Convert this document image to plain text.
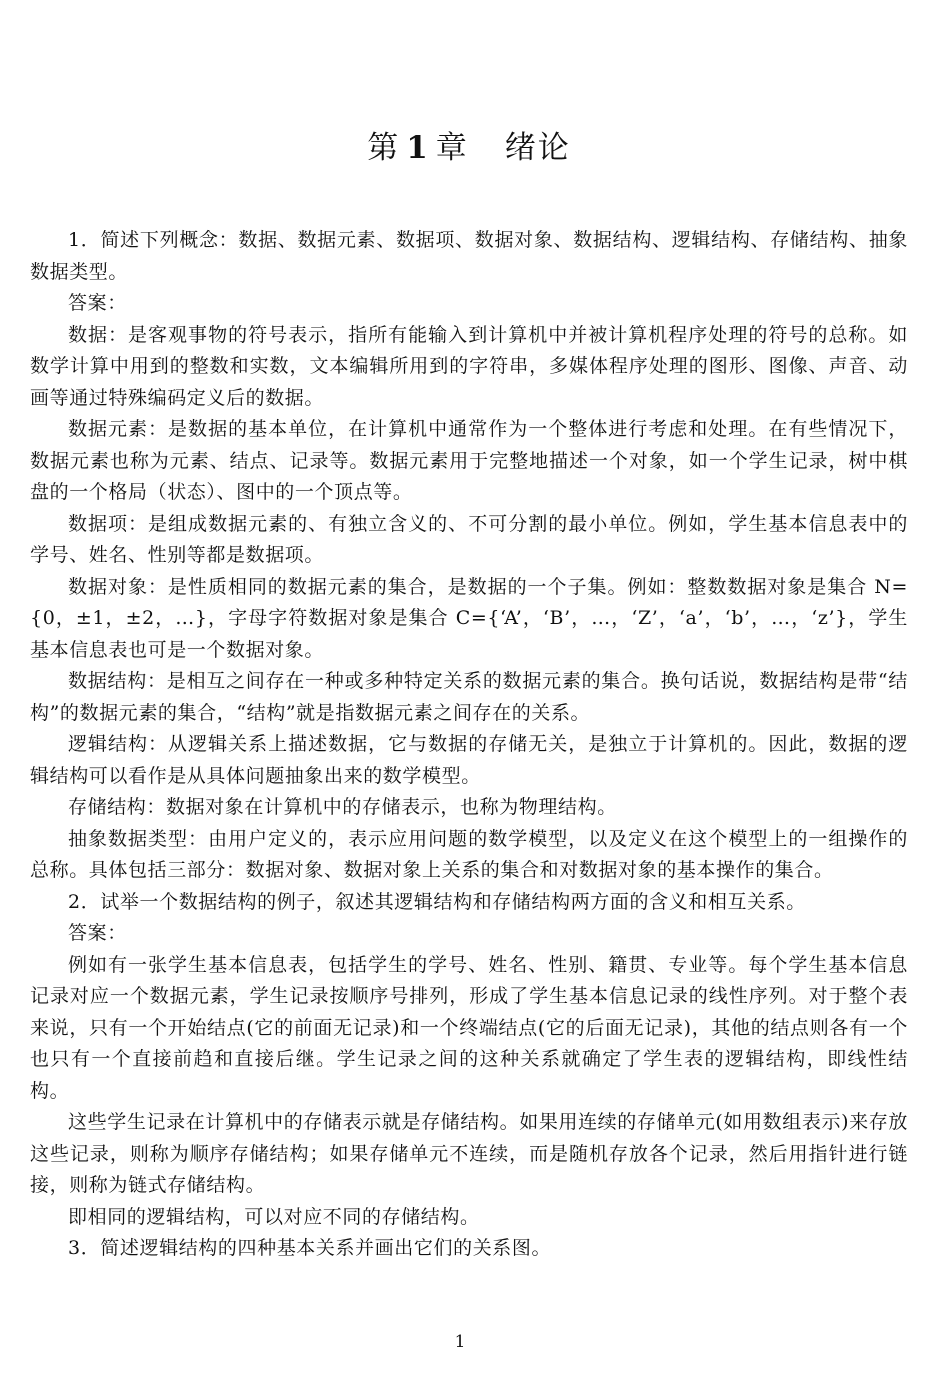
第 1 章 绪论

1．简述下列概念：数据、数据元素、数据项、数据对象、数据结构、逻辑结构、存储结构、抽象数据类型。

答案：

数据：是客观事物的符号表示，指所有能输入到计算机中并被计算机程序处理的符号的总称。如数学计算中用到的整数和实数，文本编辑所用到的字符串，多媒体程序处理的图形、图像、声音、动画等通过特殊编码定义后的数据。

数据元素：是数据的基本单位，在计算机中通常作为一个整体进行考虑和处理。在有些情况下，数据元素也称为元素、结点、记录等。数据元素用于完整地描述一个对象，如一个学生记录，树中棋盘的一个格局（状态）、图中的一个顶点等。

数据项：是组成数据元素的、有独立含义的、不可分割的最小单位。例如，学生基本信息表中的学号、姓名、性别等都是数据项。

数据对象：是性质相同的数据元素的集合，是数据的一个子集。例如：整数数据对象是集合 N={0，±1，±2，…}，字母字符数据对象是集合 C={‘A’，‘B’，…，‘Z’，‘a’，‘b’，…，‘z’}，学生基本信息表也可是一个数据对象。

数据结构：是相互之间存在一种或多种特定关系的数据元素的集合。换句话说，数据结构是带“结构”的数据元素的集合，“结构”就是指数据元素之间存在的关系。

逻辑结构：从逻辑关系上描述数据，它与数据的存储无关，是独立于计算机的。因此，数据的逻辑结构可以看作是从具体问题抽象出来的数学模型。

存储结构：数据对象在计算机中的存储表示，也称为物理结构。

抽象数据类型：由用户定义的，表示应用问题的数学模型，以及定义在这个模型上的一组操作的总称。具体包括三部分：数据对象、数据对象上关系的集合和对数据对象的基本操作的集合。

2．试举一个数据结构的例子，叙述其逻辑结构和存储结构两方面的含义和相互关系。

答案：

例如有一张学生基本信息表，包括学生的学号、姓名、性别、籍贯、专业等。每个学生基本信息记录对应一个数据元素，学生记录按顺序号排列，形成了学生基本信息记录的线性序列。对于整个表来说，只有一个开始结点(它的前面无记录)和一个终端结点(它的后面无记录)，其他的结点则各有一个也只有一个直接前趋和直接后继。学生记录之间的这种关系就确定了学生表的逻辑结构，即线性结构。

这些学生记录在计算机中的存储表示就是存储结构。如果用连续的存储单元(如用数组表示)来存放这些记录，则称为顺序存储结构；如果存储单元不连续，而是随机存放各个记录，然后用指针进行链接，则称为链式存储结构。

即相同的逻辑结构，可以对应不同的存储结构。

3．简述逻辑结构的四种基本关系并画出它们的关系图。

1
